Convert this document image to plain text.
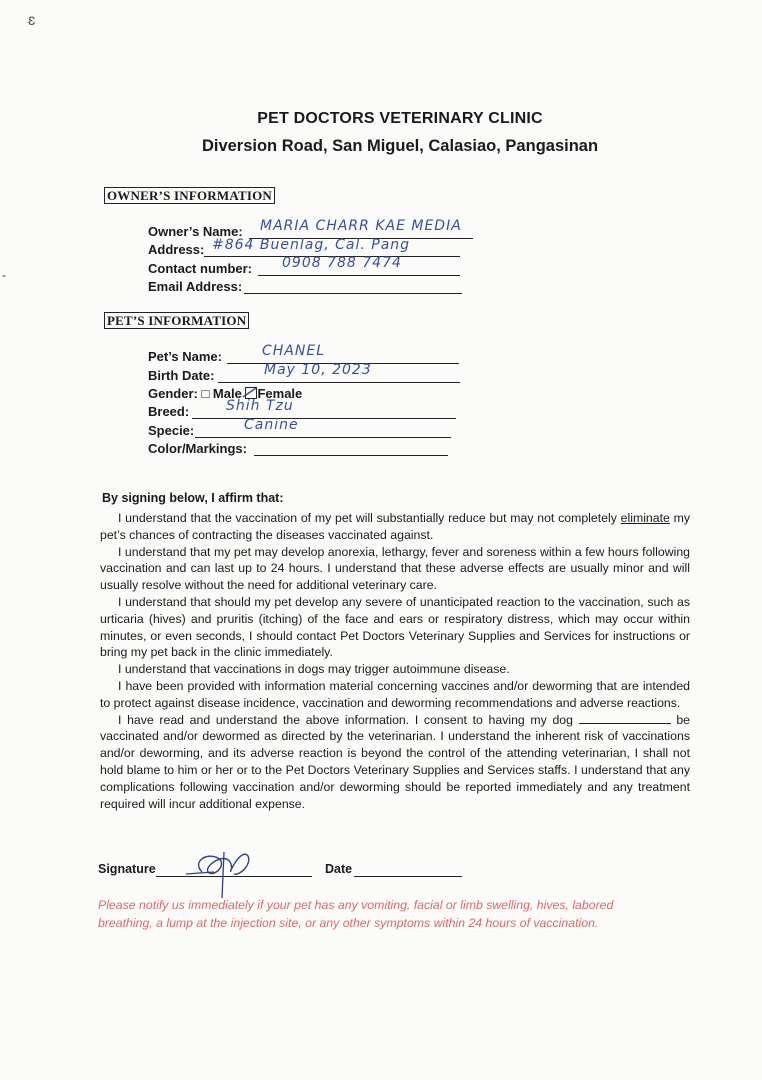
ɛ
-
PET DOCTORS VETERINARY CLINIC
Diversion Road, San Miguel, Calasiao, Pangasinan
OWNER’S INFORMATION
Owner’s Name: MARIA CHARR KAE MEDIA
Address: #864 Buenlag, Cal. Pang
Contact number: 0908 788 7474
Email Address:
PET’S INFORMATION
Pet’s Name:	CHANEL
Birth Date:	May 10, 2023
Gender: □ Male Female
Breed:	Shih Tzu
Specie:	Canine
Color/Markings:
By signing below, I affirm that:

I understand that the vaccination of my pet will substantially reduce but may not completely eliminate my pet’s chances of contracting the diseases vaccinated against.

I understand that my pet may develop anorexia, lethargy, fever and soreness within a few hours following vaccination and can last up to 24 hours. I understand that these adverse effects are usually minor and will usually resolve without the need for additional veterinary care.

I understand that should my pet develop any severe of unanticipated reaction to the vaccination, such as urticaria (hives) and pruritis (itching) of the face and ears or respiratory distress, which may occur within minutes, or even seconds, I should contact Pet Doctors Veterinary Supplies and Services for instructions or bring my pet back in the clinic immediately.

I understand that vaccinations in dogs may trigger autoimmune disease.

I have been provided with information material concerning vaccines and/or deworming that are intended to protect against disease incidence, vaccination and deworming recommendations and adverse reactions.

I have read and understand the above information. I consent to having my dog	be vaccinated and/or dewormed as directed by the veterinarian. I understand the inherent risk of vaccinations and/or deworming, and its adverse reaction is beyond the control of the attending veterinarian, I shall not hold blame to him or her or to the Pet Doctors Veterinary Supplies and Services staffs. I understand that any complications following vaccination and/or deworming should be reported immediately and any treatment required will incur additional expense.

Signature	Date
Please notify us immediately if your pet has any vomiting, facial or limb swelling, hives, labored breathing, a lump at the injection site, or any other symptoms within 24 hours of vaccination.
